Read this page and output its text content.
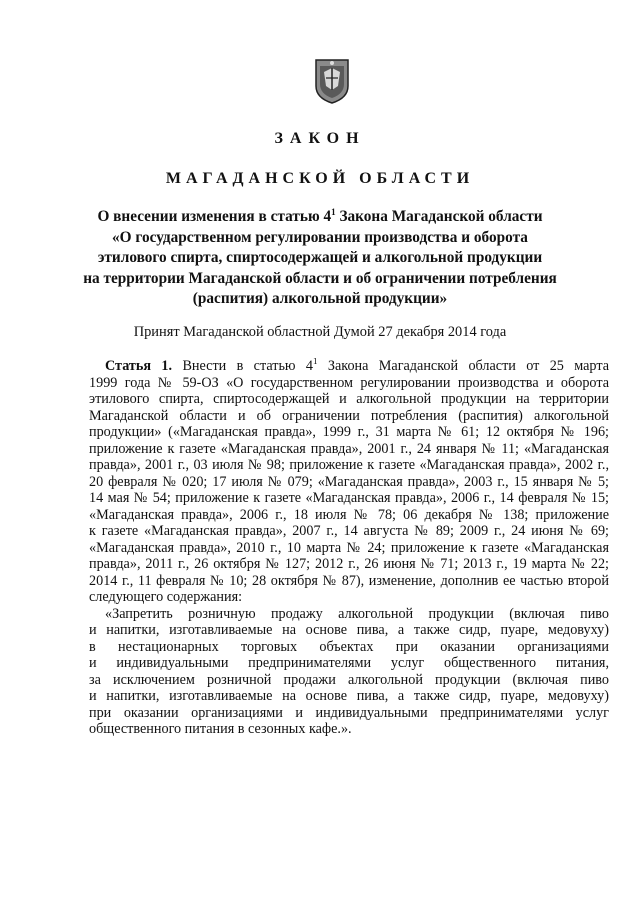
ЗАКОН
МАГАДАНСКОЙ ОБЛАСТИ
О внесении изменения в статью $4^1$ Закона Магаданской области
«О государственном регулировании производства и оборота
этилового спирта, спиртосодержащей и алкогольной продукции
на территории Магаданской области и об ограничении потребления
(распития) алкогольной продукции»
Принят Магаданской областной Думой 27 декабря 2014 года
Статья 1. Внести в статью $4^1$ Закона Магаданской области от 25 марта
1999 года № 59-ОЗ «О государственном регулировании производства и оборота
этилового спирта, спиртосодержащей и алкогольной продукции на территории
Магаданской области и об ограничении потребления (распития) алкогольной
продукции» («Магаданская правда», 1999 г., 31 марта № 61; 12 октября № 196;
приложение к газете «Магаданская правда», 2001 г., 24 января № 11; «Магаданская
правда», 2001 г., 03 июля № 98; приложение к газете «Магаданская правда», 2002 г.,
20 февраля № 020; 17 июля № 079; «Магаданская правда», 2003 г., 15 января № 5;
14 мая № 54; приложение к газете «Магаданская правда», 2006 г., 14 февраля № 15;
«Магаданская правда», 2006 г., 18 июля № 78; 06 декабря № 138; приложение
к газете «Магаданская правда», 2007 г., 14 августа № 89; 2009 г., 24 июня № 69;
«Магаданская правда», 2010 г., 10 марта № 24; приложение к газете «Магаданская
правда», 2011 г., 26 октября № 127; 2012 г., 26 июня № 71; 2013 г., 19 марта № 22;
2014 г., 11 февраля № 10; 28 октября № 87), изменение, дополнив ее частью второй
следующего содержания:
«Запретить розничную продажу алкогольной продукции (включая пиво
и напитки, изготавливаемые на основе пива, а также сидр, пуаре, медовуху)
в нестационарных торговых объектах при оказании организациями
и индивидуальными предпринимателями услуг общественного питания,
за исключением розничной продажи алкогольной продукции (включая пиво
и напитки, изготавливаемые на основе пива, а также сидр, пуаре, медовуху)
при оказании организациями и индивидуальными предпринимателями услуг
общественного питания в сезонных кафе.».
